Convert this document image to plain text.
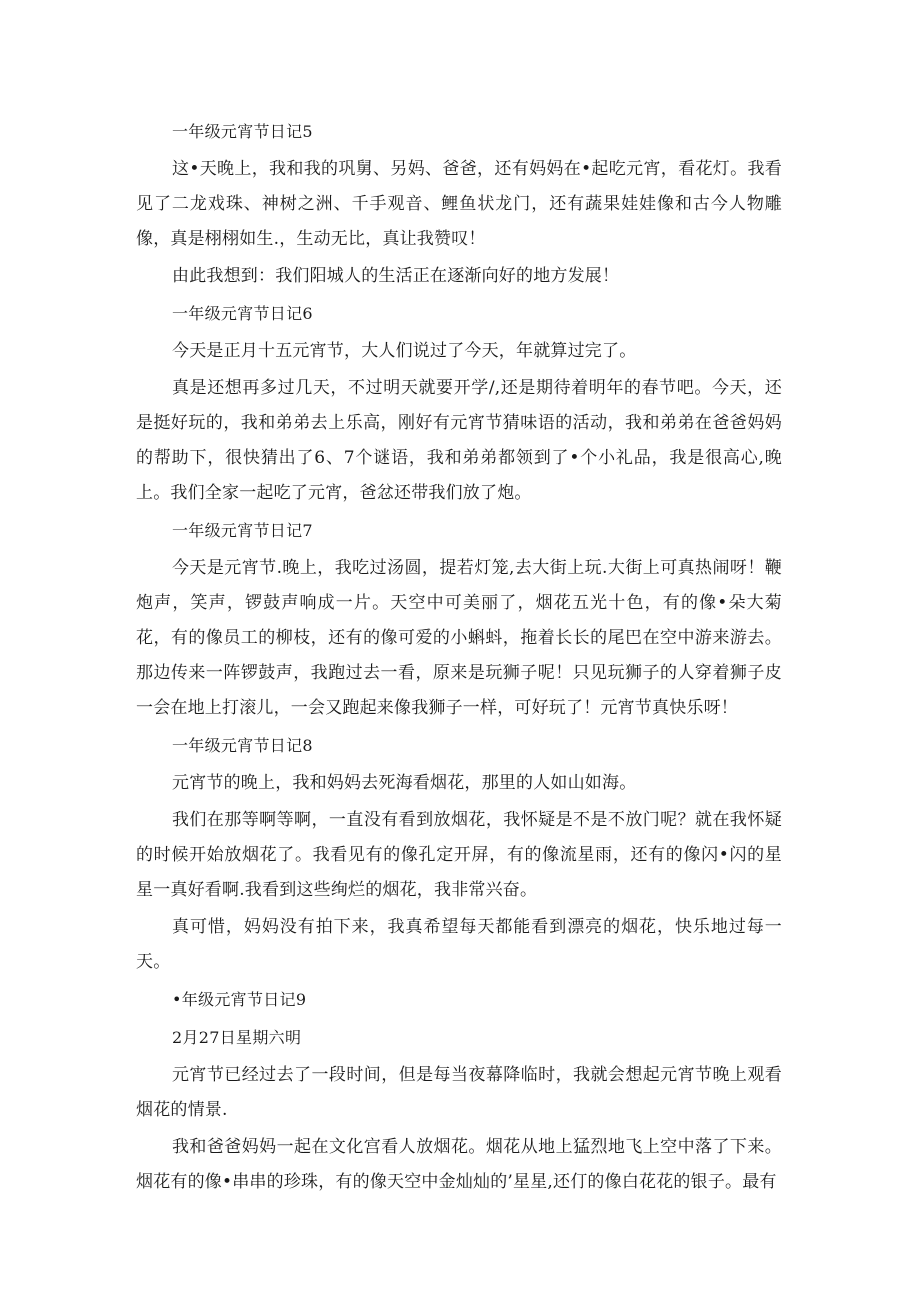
一年级元宵节日记5

这•天晚上，我和我的巩舅、另妈、爸爸，还有妈妈在•起吃元宵，看花灯。我看见了二龙戏珠、神树之洲、千手观音、鲤鱼状龙门，还有蔬果娃娃像和古今人物雕像，真是栩栩如生.，生动无比，真让我赞叹！

由此我想到：我们阳城人的生活正在逐渐向好的地方发展！

一年级元宵节日记6

今天是正月十五元宵节，大人们说过了今天，年就算过完了。

真是还想再多过几天，不过明天就要开学/,还是期待着明年的春节吧。今天，还是挺好玩的，我和弟弟去上乐高，刚好有元宵节猜味语的活动，我和弟弟在爸爸妈妈的帮助下，很快猜出了6、7个谜语，我和弟弟都领到了•个小礼品，我是很高心,晚上。我们全家一起吃了元宵，爸忿还带我们放了炮。

一年级元宵节日记7

今天是元宵节.晚上，我吃过汤圆，提若灯笼,去大街上玩.大街上可真热闹呀！鞭炮声，笑声，锣鼓声响成一片。天空中可美丽了，烟花五光十色，有的像•朵大菊花，有的像员工的柳枝，还有的像可爱的小蝌蚪，拖着长长的尾巴在空中游来游去。那边传来一阵锣鼓声，我跑过去一看，原来是玩狮子呢！只见玩狮子的人穿着狮子皮一会在地上打滚儿，一会又跑起来像我狮子一样，可好玩了！元宵节真快乐呀！

一年级元宵节日记8

元宵节的晚上，我和妈妈去死海看烟花，那里的人如山如海。

我们在那等啊等啊，一直没有看到放烟花，我怀疑是不是不放门呢？就在我怀疑的时候开始放烟花了。我看见有的像孔定开屏，有的像流星雨，还有的像闪•闪的星星一真好看啊.我看到这些绚烂的烟花，我非常兴奋。

真可惜，妈妈没有拍下来，我真希望每天都能看到漂亮的烟花，快乐地过每一天。

•年级元宵节日记9
2月27日星期六明

元宵节已经过去了一段时间，但是每当夜幕降临时，我就会想起元宵节晚上观看烟花的情景.

我和爸爸妈妈一起在文化宫看人放烟花。烟花从地上猛烈地飞上空中落了下来。烟花有的像•串串的珍珠，有的像天空中金灿灿的’星星,还仃的像白花花的银子。最有
